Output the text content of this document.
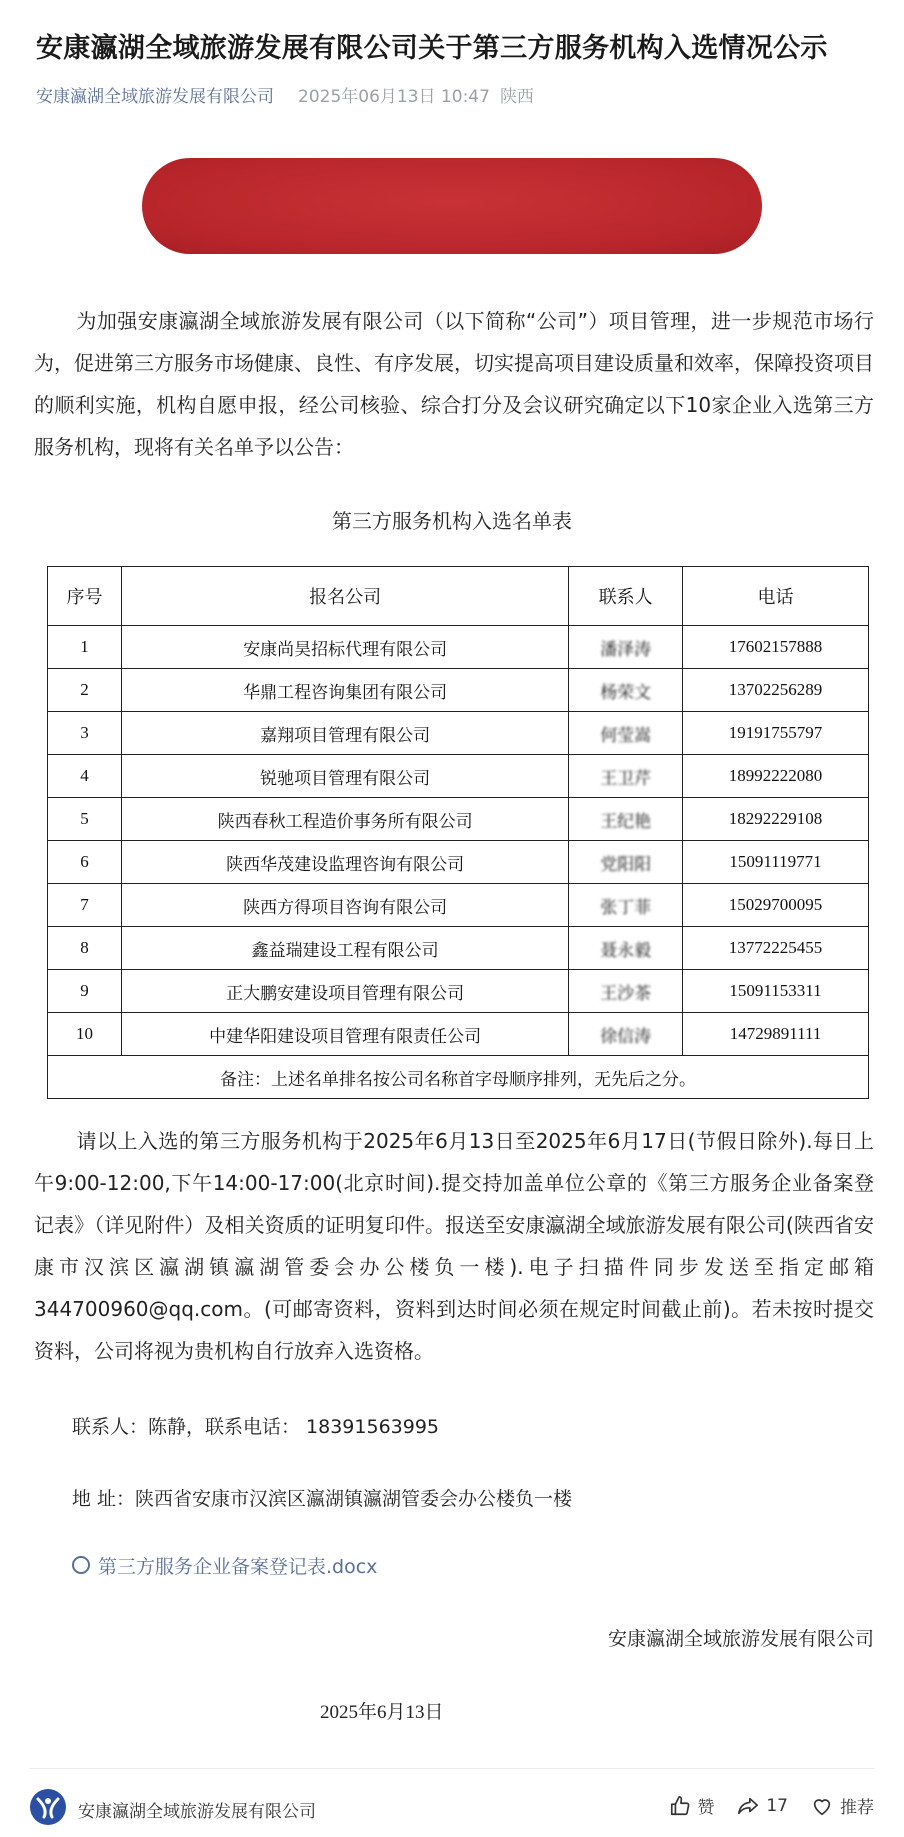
安康瀛湖全域旅游发展有限公司关于第三方服务机构入选情况公示
安康瀛湖全域旅游发展有限公司 2025年06月13日 10:47 陕西
为加强安康瀛湖全域旅游发展有限公司（以下简称“公司”）项目管理，进一步规范市场行为，促进第三方服务市场健康、良性、有序发展，切实提高项目建设质量和效率，保障投资项目的顺利实施，机构自愿申报，经公司核验、综合打分及会议研究确定以下10家企业入选第三方服务机构，现将有关名单予以公告：
第三方服务机构入选名单表
序号	报名公司	联系人	电话
1	安康尚昊招标代理有限公司	潘泽涛	17602157888
2	华鼎工程咨询集团有限公司	杨荣文	13702256289
3	嘉翔项目管理有限公司	何莹嵩	19191755797
4	锐驰项目管理有限公司	王卫芹	18992222080
5	陕西春秋工程造价事务所有限公司	王纪艳	18292229108
6	陕西华茂建设监理咨询有限公司	党阳阳	15091119771
7	陕西方得项目咨询有限公司	张丁菲	15029700095
8	鑫益瑞建设工程有限公司	聂永毅	13772225455
9	正大鹏安建设项目管理有限公司	王沙茶	15091153311
10	中建华阳建设项目管理有限责任公司	徐信涛	14729891111
备注：上述名单排名按公司名称首字母顺序排列，无先后之分。			
请以上入选的第三方服务机构于2025年6月13日至2025年6月17日(节假日除外).每日上午9:00-12:00,下午14:00-17:00(北京时间).提交持加盖单位公章的《第三方服务企业备案登记表》（详见附件）及相关资质的证明复印件。报送至安康瀛湖全域旅游发展有限公司(陕西省安康市汉滨区瀛湖镇瀛湖管委会办公楼负一楼).电子扫描件同步发送至指定邮箱344700960@qq.com。(可邮寄资料，资料到达时间必须在规定时间截止前)。若未按时提交资料，公司将视为贵机构自行放弃入选资格。
联系人：陈静，联系电话： 18391563995
地 址：陕西省安康市汉滨区瀛湖镇瀛湖管委会办公楼负一楼
第三方服务企业备案登记表.docx
安康瀛湖全域旅游发展有限公司
2025年6月13日
安康瀛湖全域旅游发展有限公司	赞	17	推荐
